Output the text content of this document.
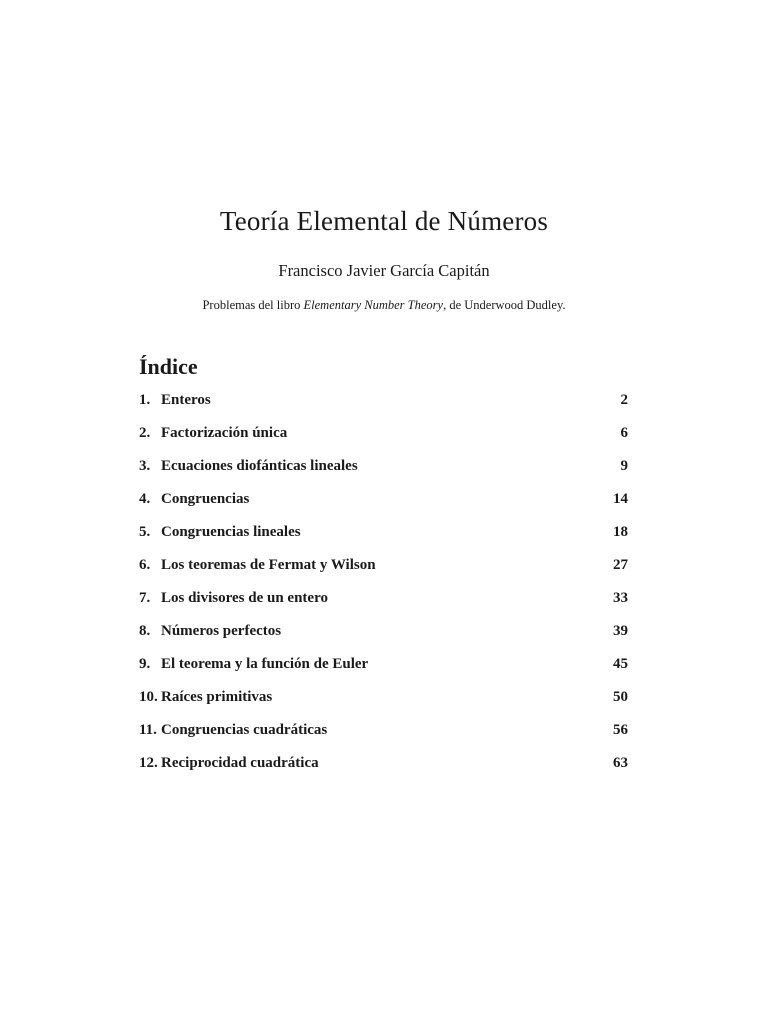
Teoría Elemental de Números
Francisco Javier García Capitán
Problemas del libro Elementary Number Theory, de Underwood Dudley.
Índice
1. Enteros	2
2. Factorización única	6
3. Ecuaciones diofánticas lineales	9
4. Congruencias	14
5. Congruencias lineales	18
6. Los teoremas de Fermat y Wilson	27
7. Los divisores de un entero	33
8. Números perfectos	39
9. El teorema y la función de Euler	45
10. Raíces primitivas	50
11. Congruencias cuadráticas	56
12. Reciprocidad cuadrática	63
